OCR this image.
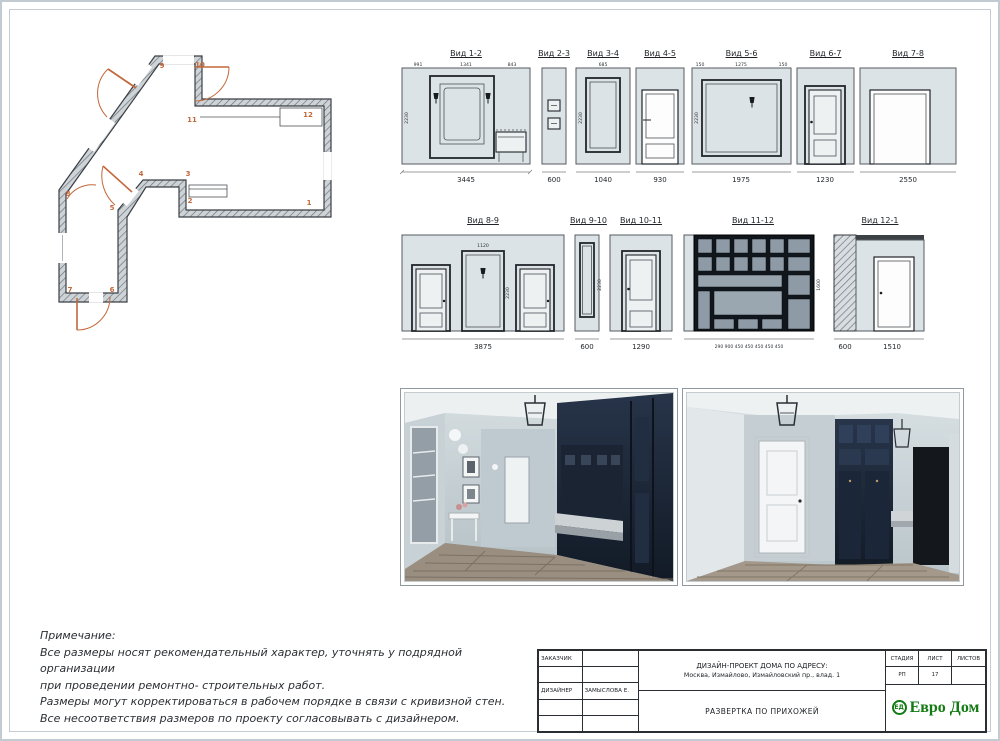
1
2
3
4
5
6
7
8
9	10
11
12
Вид 1-2
991	1341	843
2230
3445
Вид 2-3
600
Вид 3-4
685
2230
1040
Вид 4-5
930
Вид 5-6
150	1275	150
2230
1975
Вид 6-7
1230
Вид 7-8
2550
Вид 8-9
1120
2230
3875
Вид 9-10
2230
600
Вид 10-11
1290
Вид 11-12
1600
290 900 450 450 450 450 450
Вид 12-1
600	1510
Примечание:
Все размеры носят рекомендательный характер, уточнять у подрядной организации
при проведении ремонтно- строительных работ.
Размеры могут корректироваться в рабочем порядке в связи с кривизной стен.
Все несоответствия размеров по проекту согласовывать с дизайнером.
ЗАКАЗЧИК
ДИЗАЙНЕР	ЗАМЫСЛОВА Е.
ДИЗАЙН-ПРОЕКТ ДОМА ПО АДРЕСУ:
Москва, Измайлово, Измайловский пр., влад. 1
РАЗВЕРТКА ПО ПРИХОЖЕЙ
СТАДИЯ	ЛИСТ	ЛИСТОВ
РП	17
ЕД Евро Дом
